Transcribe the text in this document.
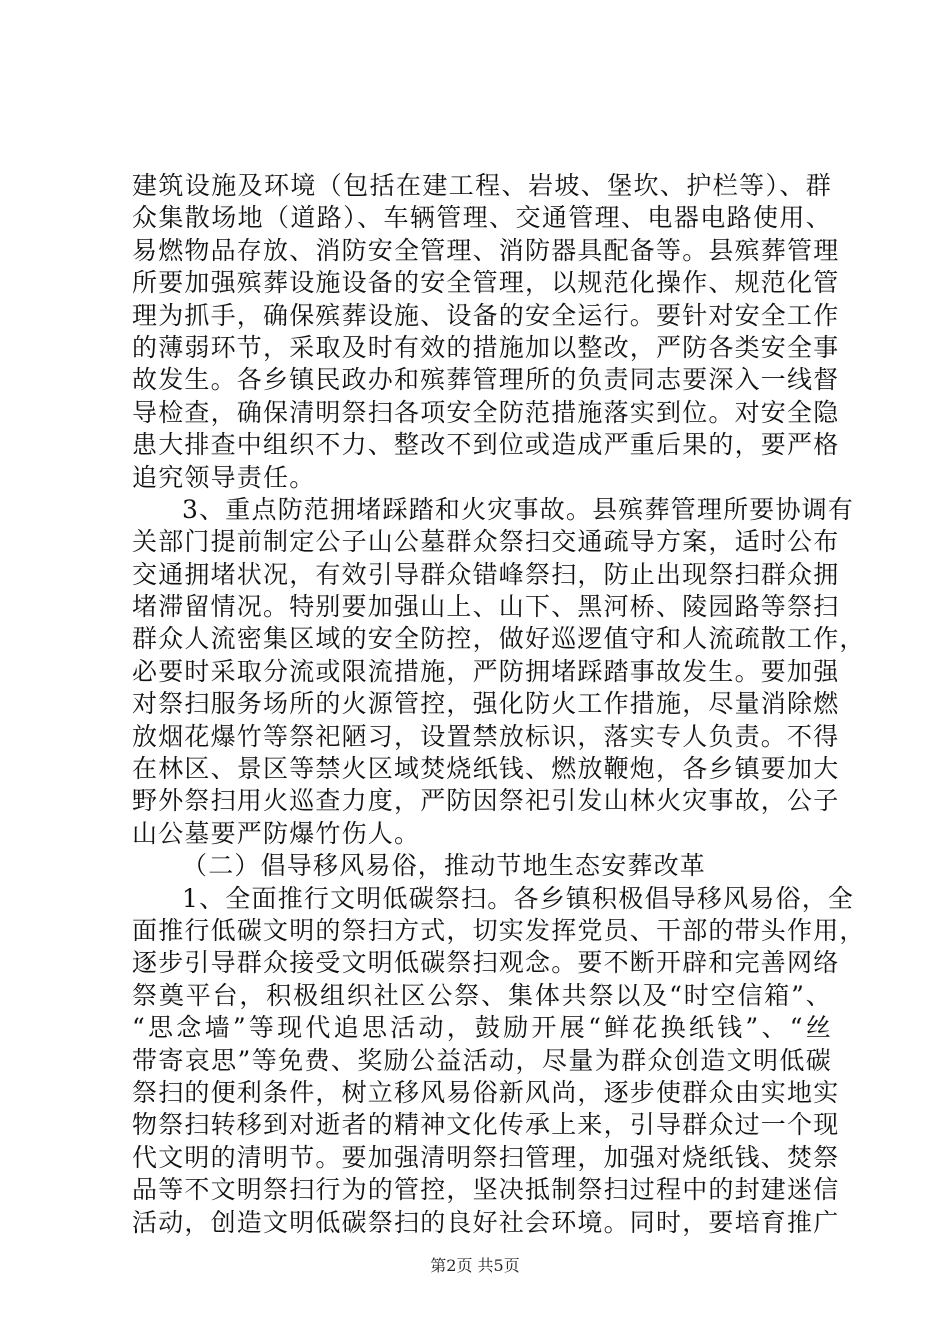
建筑设施及环境（包括在建工程、岩坡、堡坎、护栏等）、群
众集散场地（道路）、车辆管理、交通管理、电器电路使用、
易燃物品存放、消防安全管理、消防器具配备等。县殡葬管理
所要加强殡葬设施设备的安全管理，以规范化操作、规范化管
理为抓手，确保殡葬设施、设备的安全运行。要针对安全工作
的薄弱环节，采取及时有效的措施加以整改，严防各类安全事
故发生。各乡镇民政办和殡葬管理所的负责同志要深入一线督
导检查，确保清明祭扫各项安全防范措施落实到位。对安全隐
患大排查中组织不力、整改不到位或造成严重后果的，要严格
追究领导责任。
3、重点防范拥堵踩踏和火灾事故。县殡葬管理所要协调有
关部门提前制定公子山公墓群众祭扫交通疏导方案，适时公布
交通拥堵状况，有效引导群众错峰祭扫，防止出现祭扫群众拥
堵滞留情况。特别要加强山上、山下、黑河桥、陵园路等祭扫
群众人流密集区域的安全防控，做好巡逻值守和人流疏散工作，
必要时采取分流或限流措施，严防拥堵踩踏事故发生。要加强
对祭扫服务场所的火源管控，强化防火工作措施，尽量消除燃
放烟花爆竹等祭祀陋习，设置禁放标识，落实专人负责。不得
在林区、景区等禁火区域焚烧纸钱、燃放鞭炮，各乡镇要加大
野外祭扫用火巡查力度，严防因祭祀引发山林火灾事故，公子
山公墓要严防爆竹伤人。
（二）倡导移风易俗，推动节地生态安葬改革
1、全面推行文明低碳祭扫。各乡镇积极倡导移风易俗，全
面推行低碳文明的祭扫方式，切实发挥党员、干部的带头作用，
逐步引导群众接受文明低碳祭扫观念。要不断开辟和完善网络
祭奠平台，积极组织社区公祭、集体共祭以及“时空信箱”、
“思念墙”等现代追思活动，鼓励开展“鲜花换纸钱”、“丝
带寄哀思”等免费、奖励公益活动，尽量为群众创造文明低碳
祭扫的便利条件，树立移风易俗新风尚，逐步使群众由实地实
物祭扫转移到对逝者的精神文化传承上来，引导群众过一个现
代文明的清明节。要加强清明祭扫管理，加强对烧纸钱、焚祭
品等不文明祭扫行为的管控，坚决抵制祭扫过程中的封建迷信
活动，创造文明低碳祭扫的良好社会环境。同时，要培育推广
第2页 共5页
